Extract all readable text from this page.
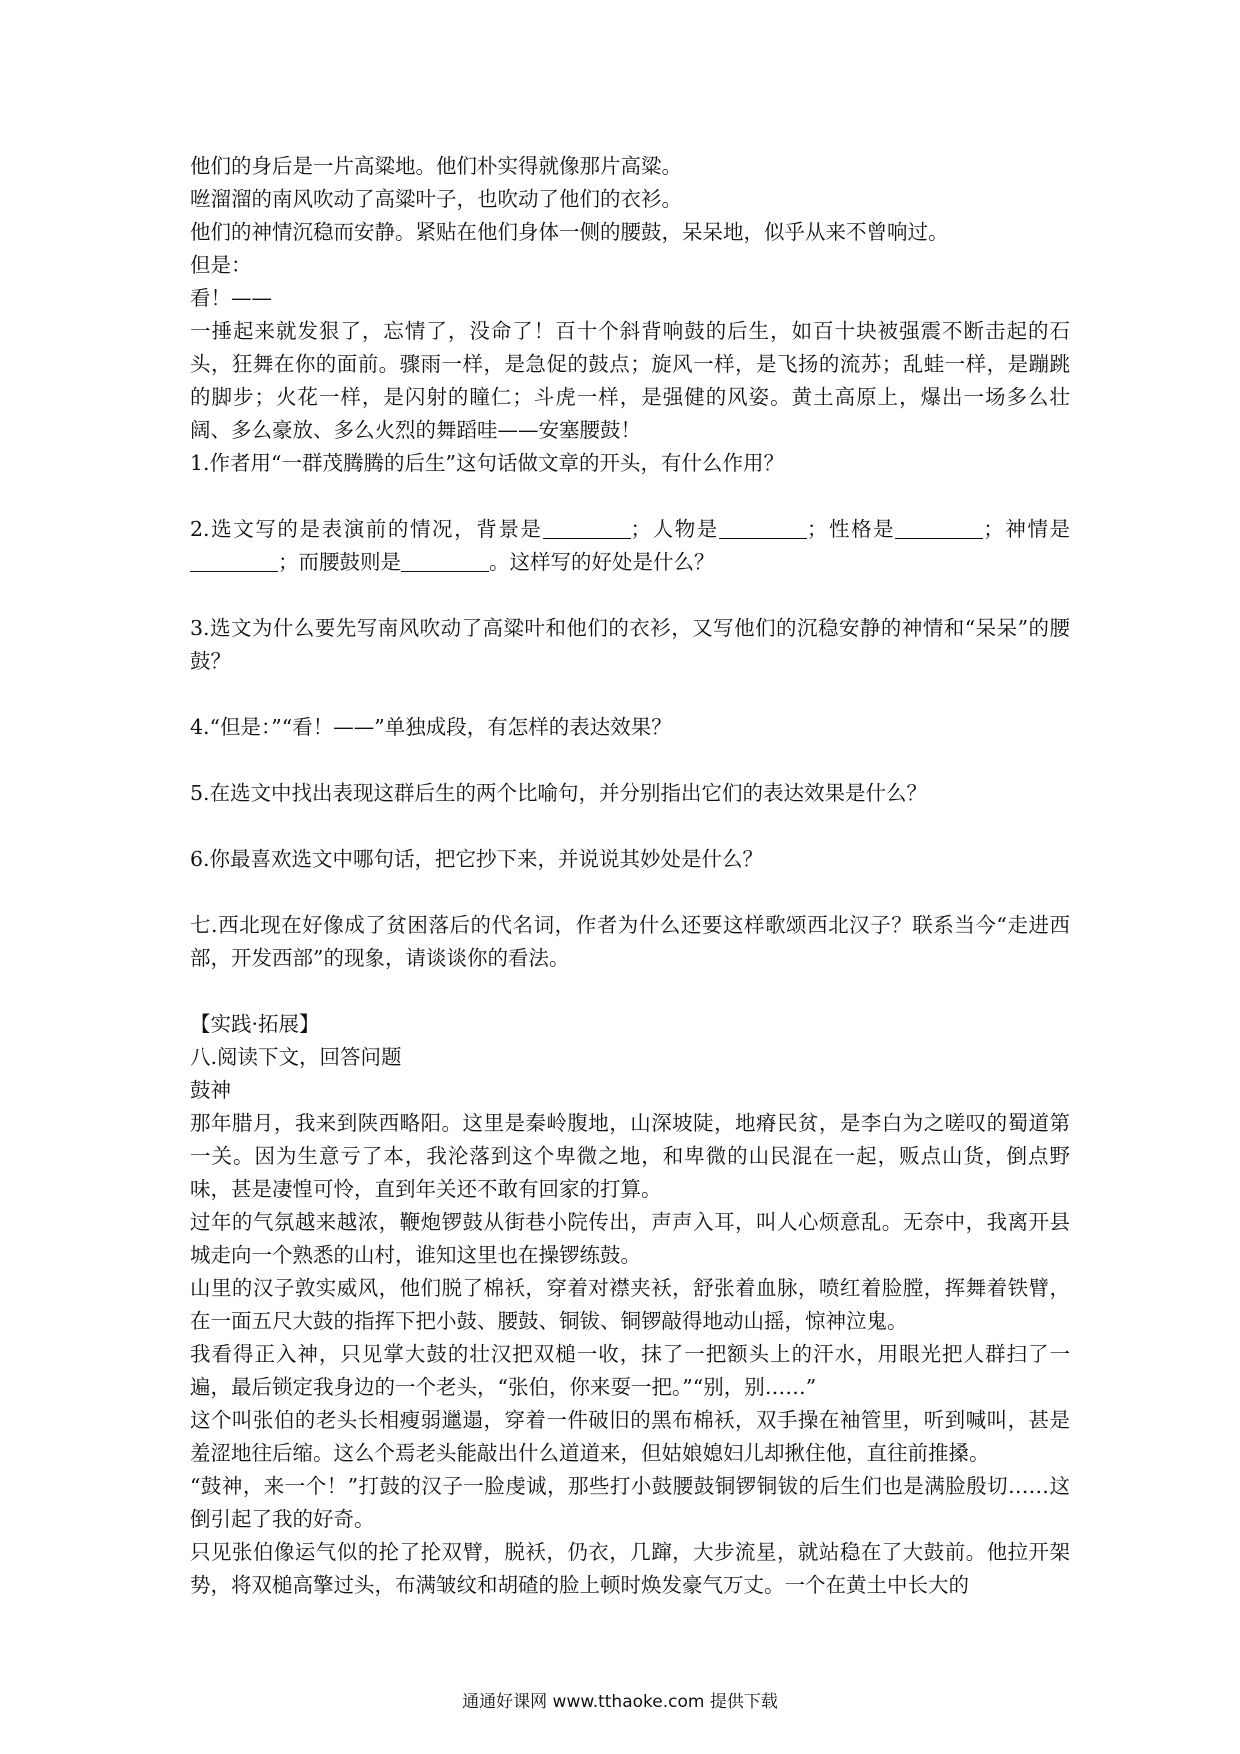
他们的身后是一片高粱地。他们朴实得就像那片高粱。

咝溜溜的南风吹动了高粱叶子，也吹动了他们的衣衫。

他们的神情沉稳而安静。紧贴在他们身体一侧的腰鼓，呆呆地，似乎从来不曾响过。

但是：

看！——

一捶起来就发狠了，忘情了，没命了！百十个斜背响鼓的后生，如百十块被强震不断击起的石头，狂舞在你的面前。骤雨一样，是急促的鼓点；旋风一样，是飞扬的流苏；乱蛙一样，是蹦跳的脚步；火花一样，是闪射的瞳仁；斗虎一样，是强健的风姿。黄土高原上，爆出一场多么壮阔、多么豪放、多么火烈的舞蹈哇——安塞腰鼓！

1.作者用“一群茂腾腾的后生”这句话做文章的开头，有什么作用？

2.选文写的是表演前的情况，背景是	；人物是	；性格是	；神情是；而腰鼓则是	。这样写的好处是什么？

3.选文为什么要先写南风吹动了高粱叶和他们的衣衫，又写他们的沉稳安静的神情和“呆呆”的腰鼓？

4.“但是：”“看！——”单独成段，有怎样的表达效果？

5.在选文中找出表现这群后生的两个比喻句，并分别指出它们的表达效果是什么？

6.你最喜欢选文中哪句话，把它抄下来，并说说其妙处是什么？

七.西北现在好像成了贫困落后的代名词，作者为什么还要这样歌颂西北汉子？联系当今“走进西部，开发西部”的现象，请谈谈你的看法。

【实践·拓展】

八.阅读下文，回答问题

鼓神

那年腊月，我来到陕西略阳。这里是秦岭腹地，山深坡陡，地瘠民贫，是李白为之嗟叹的蜀道第一关。因为生意亏了本，我沦落到这个卑微之地，和卑微的山民混在一起，贩点山货，倒点野味，甚是凄惶可怜，直到年关还不敢有回家的打算。

过年的气氛越来越浓，鞭炮锣鼓从街巷小院传出，声声入耳，叫人心烦意乱。无奈中，我离开县城走向一个熟悉的山村，谁知这里也在操锣练鼓。

山里的汉子敦实威风，他们脱了棉袄，穿着对襟夹袄，舒张着血脉，喷红着脸膛，挥舞着铁臂，在一面五尺大鼓的指挥下把小鼓、腰鼓、铜钹、铜锣敲得地动山摇，惊神泣鬼。

我看得正入神，只见掌大鼓的壮汉把双槌一收，抹了一把额头上的汗水，用眼光把人群扫了一遍，最后锁定我身边的一个老头，“张伯，你来耍一把。”“别，别……”

这个叫张伯的老头长相瘦弱邋遢，穿着一件破旧的黑布棉袄，双手操在袖管里，听到喊叫，甚是羞涩地往后缩。这么个焉老头能敲出什么道道来，但姑娘媳妇儿却揪住他，直往前推搡。

“鼓神，来一个！”打鼓的汉子一脸虔诚，那些打小鼓腰鼓铜锣铜钹的后生们也是满脸殷切……这倒引起了我的好奇。

只见张伯像运气似的抡了抡双臂，脱袄，仍衣，几蹿，大步流星，就站稳在了大鼓前。他拉开架势，将双槌高擎过头，布满皱纹和胡碴的脸上顿时焕发豪气万丈。一个在黄土中长大的

通通好课网 www.tthaoke.com 提供下载
